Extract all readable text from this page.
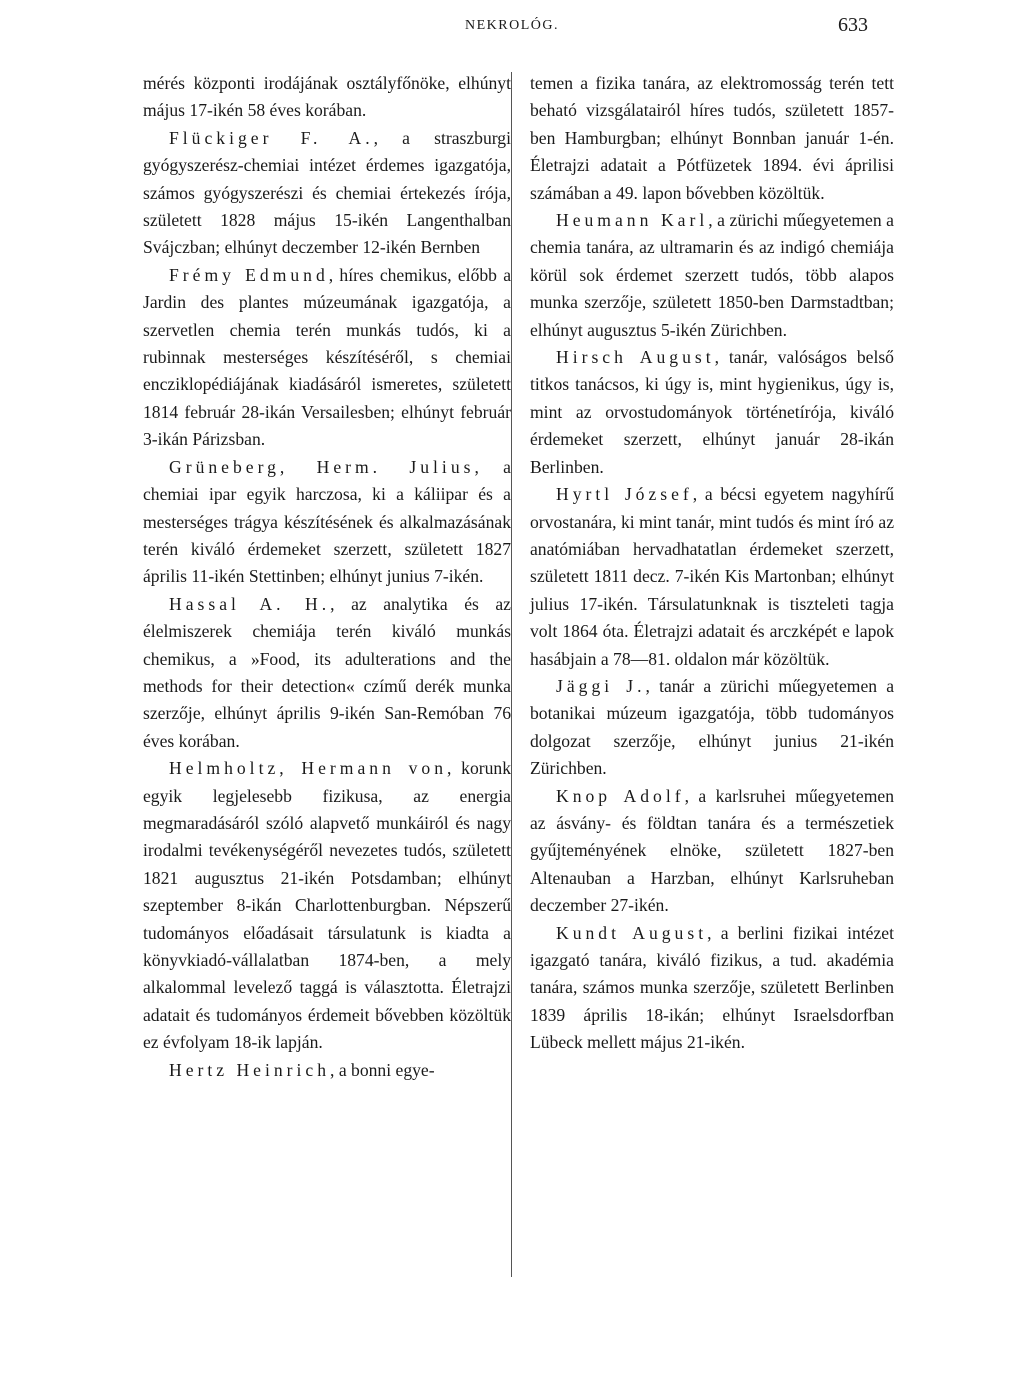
NEKROLÓG.	633

mérés központi irodájának osztályfőnöke, elhúnyt május 17-ikén 58 éves korában.

Flückiger F. A., a straszburgi gyógyszerész-chemiai intézet érdemes igazgatója, számos gyógyszerészi és chemiai értekezés írója, született 1828 május 15-ikén Langenthalban Svájczban; elhúnyt deczember 12-ikén Bernben

Frémy Edmund, híres chemikus, előbb a Jardin des plantes múzeumának igazgatója, a szervetlen chemia terén munkás tudós, ki a rubinnak mesterséges készítéséről, s chemiai encziklopédiájának kiadásáról ismeretes, született 1814 február 28-ikán Versailesben; elhúnyt február 3-ikán Párizsban.

Grüneberg, Herm. Julius, a chemiai ipar egyik harczosa, ki a káliipar és a mesterséges trágya készítésének és alkalmazásának terén kiváló érdemeket szerzett, született 1827 április 11-ikén Stettinben; elhúnyt junius 7-ikén.

Hassal A. H., az analytika és az élelmiszerek chemiája terén kiváló munkás chemikus, a »Food, its adulterations and the methods for their detection« czímű derék munka szerzője, elhúnyt április 9-ikén San-Remóban 76 éves korában.

Helmholtz, Hermann von, korunk egyik legjelesebb fizikusa, az energia megmaradásáról szóló alapvető munkáiról és nagy irodalmi tevékenységéről nevezetes tudós, született 1821 augusztus 21-ikén Potsdamban; elhúnyt szeptember 8-ikán Charlottenburgban. Népszerű tudományos előadásait társulatunk is kiadta a könyvkiadó-vállalatban 1874-ben, a mely alkalommal levelező taggá is választotta. Életrajzi adatait és tudományos érdemeit bővebben közöltük ez évfolyam 18-ik lapján.

Hertz Heinrich, a bonni egye-

temen a fizika tanára, az elektromosság terén tett beható vizsgálatairól híres tudós, született 1857-ben Hamburgban; elhúnyt Bonnban január 1-én. Életrajzi adatait a Pótfüzetek 1894. évi áprilisi számában a 49. lapon bővebben közöltük.

Heumann Karl, a zürichi műegyetemen a chemia tanára, az ultramarin és az indigó chemiája körül sok érdemet szerzett tudós, több alapos munka szerzője, született 1850-ben Darmstadtban; elhúnyt augusztus 5-ikén Zürichben.

Hirsch August, tanár, valóságos belső titkos tanácsos, ki úgy is, mint hygienikus, úgy is, mint az orvostudományok történetírója, kiváló érdemeket szerzett, elhúnyt január 28-ikán Berlinben.

Hyrtl József, a bécsi egyetem nagyhírű orvostanára, ki mint tanár, mint tudós és mint író az anatómiában hervadhatatlan érdemeket szerzett, született 1811 decz. 7-ikén Kis Martonban; elhúnyt julius 17-ikén. Társulatunknak is tiszteleti tagja volt 1864 óta. Életrajzi adatait és arczképét e lapok hasábjain a 78—81. oldalon már közöltük.

Jäggi J., tanár a zürichi műegyetemen a botanikai múzeum igazgatója, több tudományos dolgozat szerzője, elhúnyt junius 21-ikén Zürichben.

Knop Adolf, a karlsruhei műegyetemen az ásvány- és földtan tanára és a természetiek gyűjteményének elnöke, született 1827-ben Altenauban a Harzban, elhúnyt Karlsruheban deczember 27-ikén.

Kundt August, a berlini fizikai intézet igazgató tanára, kiváló fizikus, a tud. akadémia tanára, számos munka szerzője, született Berlinben 1839 április 18-ikán; elhúnyt Israelsdorfban Lübeck mellett május 21-ikén.
